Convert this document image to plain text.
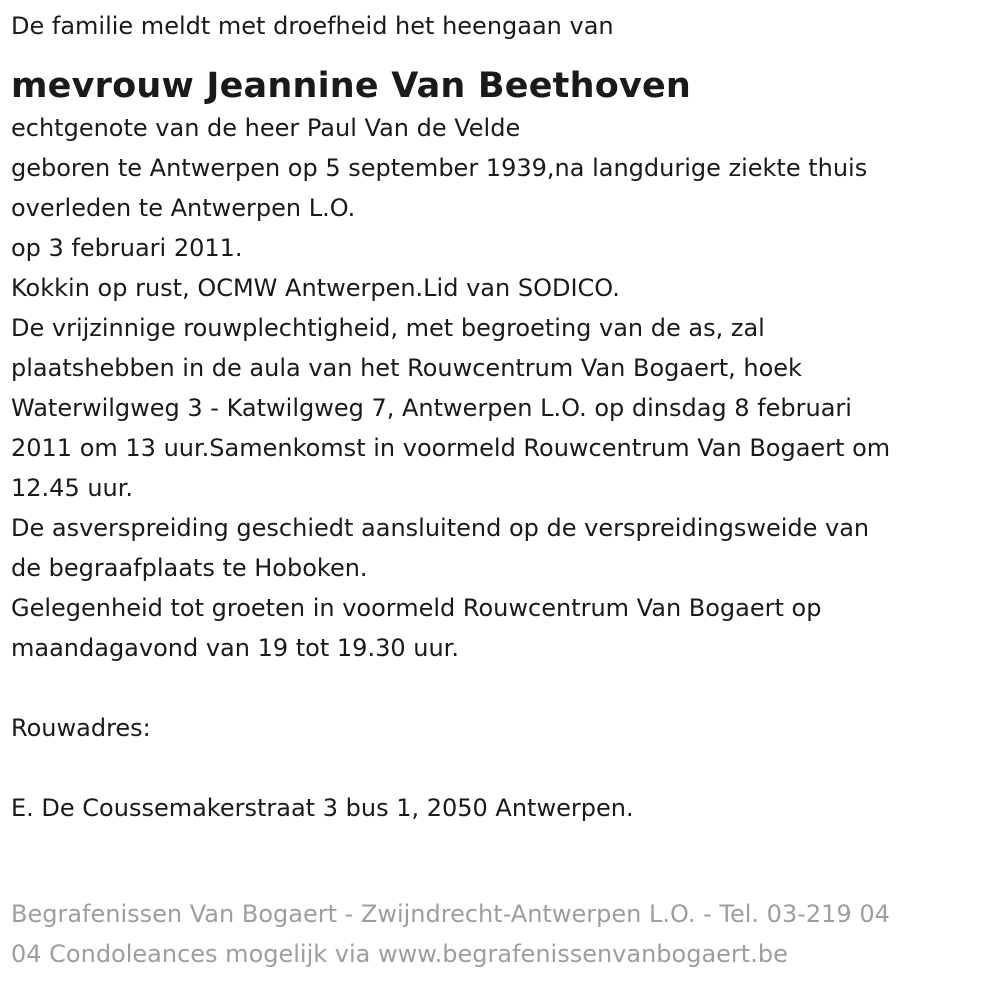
De familie meldt met droefheid het heengaan van

mevrouw Jeannine Van Beethoven
echtgenote van de heer Paul Van de Velde
geboren te Antwerpen op 5 september 1939,na langdurige ziekte thuis
overleden te Antwerpen L.O.
op 3 februari 2011.
Kokkin op rust, OCMW Antwerpen.Lid van SODICO.
De vrijzinnige rouwplechtigheid, met begroeting van de as, zal
plaatshebben in de aula van het Rouwcentrum Van Bogaert, hoek
Waterwilgweg 3 - Katwilgweg 7, Antwerpen L.O. op dinsdag 8 februari
2011 om 13 uur.Samenkomst in voormeld Rouwcentrum Van Bogaert om
12.45 uur.
De asverspreiding geschiedt aansluitend op de verspreidingsweide van
de begraafplaats te Hoboken.
Gelegenheid tot groeten in voormeld Rouwcentrum Van Bogaert op
maandagavond van 19 tot 19.30 uur.
Rouwadres:
E. De Coussemakerstraat 3 bus 1, 2050 Antwerpen.
Begrafenissen Van Bogaert - Zwijndrecht-Antwerpen L.O. - Tel. 03-219 04
04 Condoleances mogelijk via www.begrafenissenvanbogaert.be
